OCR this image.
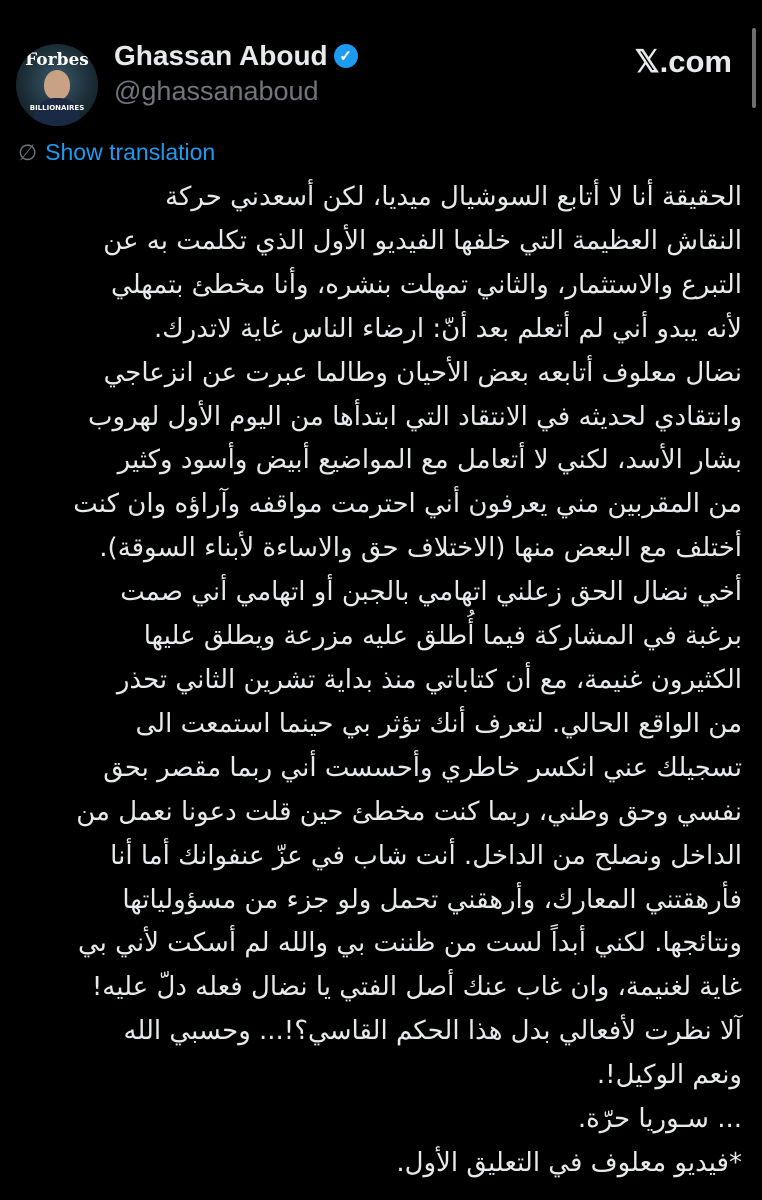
Forbes
BILLIONAIRES
Ghassan Aboud ✓
@ghassanaboud
𝕏.com
∅ Show translation
الحقيقة أنا لا أتابع السوشيال ميديا، لكن أسعدني حركة
النقاش العظيمة التي خلفها الفيديو الأول الذي تكلمت به عن
التبرع والاستثمار، والثاني تمهلت بنشره، وأنا مخطئ بتمهلي
لأنه يبدو أني لم أتعلم بعد أنّ: ارضاء الناس غاية لاتدرك.
نضال معلوف أتابعه بعض الأحيان وطالما عبرت عن انزعاجي
وانتقادي لحديثه في الانتقاد التي ابتدأها من اليوم الأول لهروب
بشار الأسد، لكني لا أتعامل مع المواضيع أبيض وأسود وكثير
من المقربين مني يعرفون أني احترمت مواقفه وآراؤه وان كنت
أختلف مع البعض منها (الاختلاف حق والاساءة لأبناء السوقة).
أخي نضال الحق زعلني اتهامي بالجبن أو اتهامي أني صمت
برغبة في المشاركة فيما أُطلق عليه مزرعة ويطلق عليها
الكثيرون غنيمة، مع أن كتاباتي منذ بداية تشرين الثاني تحذر
من الواقع الحالي. لتعرف أنك تؤثر بي حينما استمعت الى
تسجيلك عني انكسر خاطري وأحسست أني ربما مقصر بحق
نفسي وحق وطني، ربما كنت مخطئ حين قلت دعونا نعمل من
الداخل ونصلح من الداخل. أنت شاب في عزّ عنفوانك أما أنا
فأرهقتني المعارك، وأرهقني تحمل ولو جزء من مسؤولياتها
ونتائجها. لكني أبداً لست من ظننت بي والله لم أسكت لأني بي
غاية لغنيمة، وان غاب عنك أصل الفتي يا نضال فعله دلّ عليه!
آلا نظرت لأفعالي بدل هذا الحكم القاسي؟!... وحسبي الله
ونعم الوكيل!.
... سـوريا حرّة.
*فيديو معلوف في التعليق الأول.
